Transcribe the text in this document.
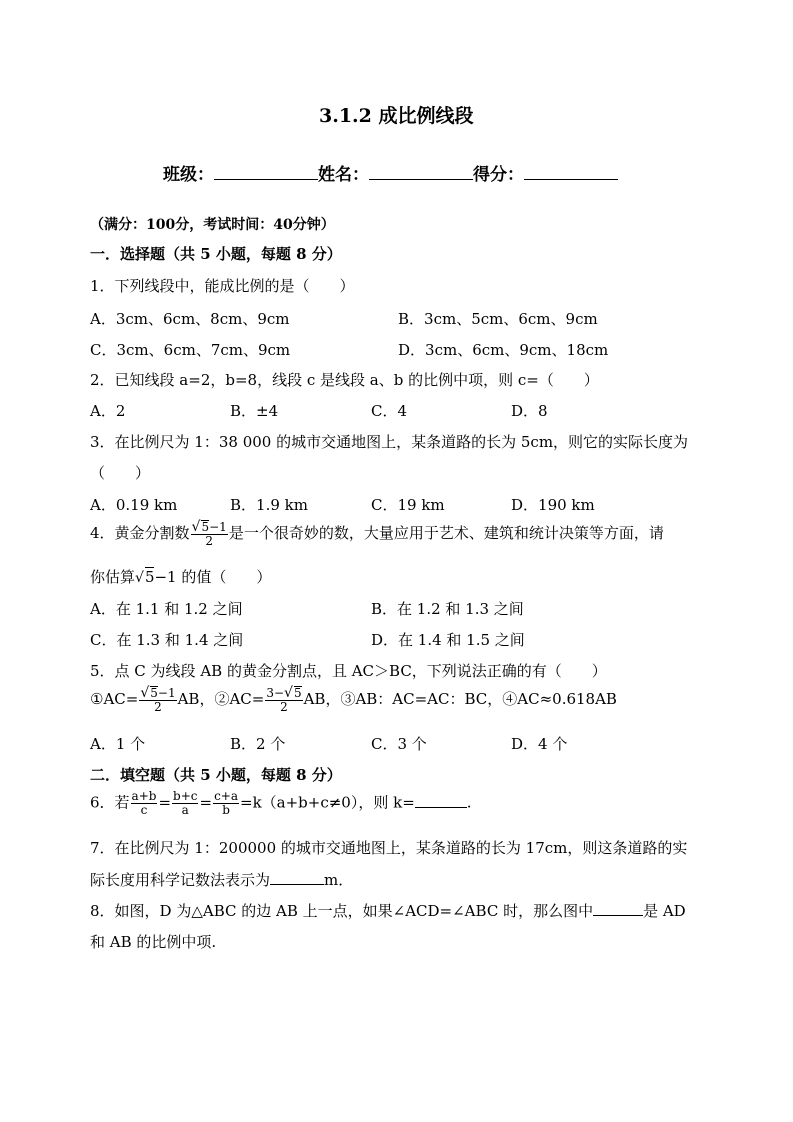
3.1.2 成比例线段
班级：	姓名：	得分：
（满分：100分，考试时间：40分钟）
一．选择题（共 5 小题，每题 8 分）
1．下列线段中，能成比例的是（　　）
A．3cm、6cm、8cm、9cm	B．3cm、5cm、6cm、9cm
C．3cm、6cm、7cm、9cm	D．3cm、6cm、9cm、18cm
2．已知线段 a=2，b=8，线段 c 是线段 a、b 的比例中项，则 c=（　　）
A．2	B．±4	C．4	D．8
3．在比例尺为 1：38 000 的城市交通地图上，某条道路的长为 5cm，则它的实际长度为
（　　）
A．0.19 km	B．1.9 km	C．19 km	D．190 km
4．黄金分割数 $\frac{√5-1}{2}$ 是一个很奇妙的数，大量应用于艺术、建筑和统计决策等方面，请
你估算√5−1 的值（　　）
A．在 1.1 和 1.2 之间	B．在 1.2 和 1.3 之间
C．在 1.3 和 1.4 之间	D．在 1.4 和 1.5 之间
5．点 C 为线段 AB 的黄金分割点，且 AC＞BC，下列说法正确的有（　　）
①AC= $\frac{√5-1}{2}$ AB，②AC= $\frac{3-√5}{2}$ AB，③AB：AC=AC：BC，④AC≈0.618AB
A．1 个	B．2 个	C．3 个	D．4 个
二．填空题（共 5 小题，每题 8 分）
6．若 $\frac{a+b}{c} = \frac{b+c}{a} = \frac{c+a}{b} =k(a+b+c\ne 0)$，则 k=	.
7．在比例尺为 1：200000 的城市交通地图上，某条道路的长为 17cm，则这条道路的实
际长度用科学记数法表示为	m．
8．如图，D 为△ABC 的边 AB 上一点，如果∠ACD=∠ABC 时，那么图中	是 AD
和 AB 的比例中项.
